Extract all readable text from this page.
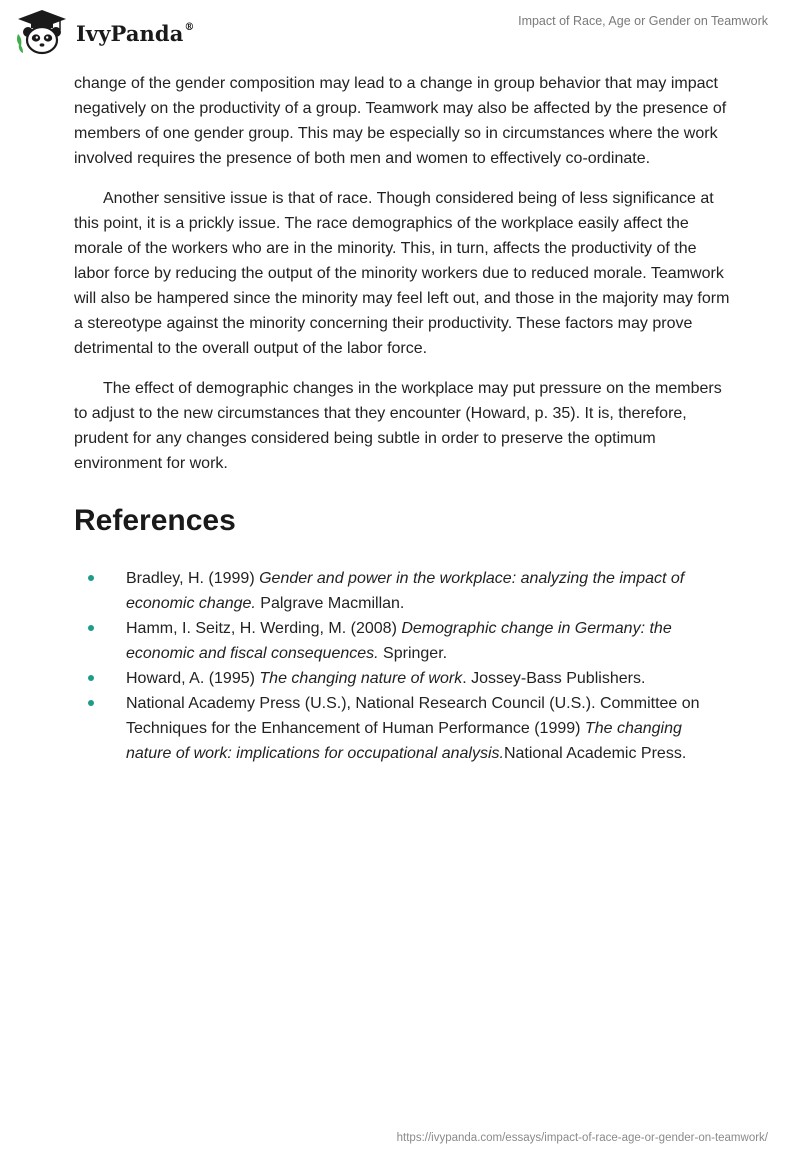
IvyPanda®	Impact of Race, Age or Gender on Teamwork

change of the gender composition may lead to a change in group behavior that may impact negatively on the productivity of a group. Teamwork may also be affected by the presence of members of one gender group. This may be especially so in circumstances where the work involved requires the presence of both men and women to effectively co-ordinate.

Another sensitive issue is that of race. Though considered being of less significance at this point, it is a prickly issue. The race demographics of the workplace easily affect the morale of the workers who are in the minority. This, in turn, affects the productivity of the labor force by reducing the output of the minority workers due to reduced morale. Teamwork will also be hampered since the minority may feel left out, and those in the majority may form a stereotype against the minority concerning their productivity. These factors may prove detrimental to the overall output of the labor force.

The effect of demographic changes in the workplace may put pressure on the members to adjust to the new circumstances that they encounter (Howard, p. 35). It is, therefore, prudent for any changes considered being subtle in order to preserve the optimum environment for work.

References
Bradley, H. (1999) Gender and power in the workplace: analyzing the impact of economic change. Palgrave Macmillan.
Hamm, I. Seitz, H. Werding, M. (2008) Demographic change in Germany: the economic and fiscal consequences. Springer.
Howard, A. (1995) The changing nature of work. Jossey-Bass Publishers.
National Academy Press (U.S.), National Research Council (U.S.). Committee on Techniques for the Enhancement of Human Performance (1999) The changing nature of work: implications for occupational analysis.National Academic Press.
https://ivypanda.com/essays/impact-of-race-age-or-gender-on-teamwork/
